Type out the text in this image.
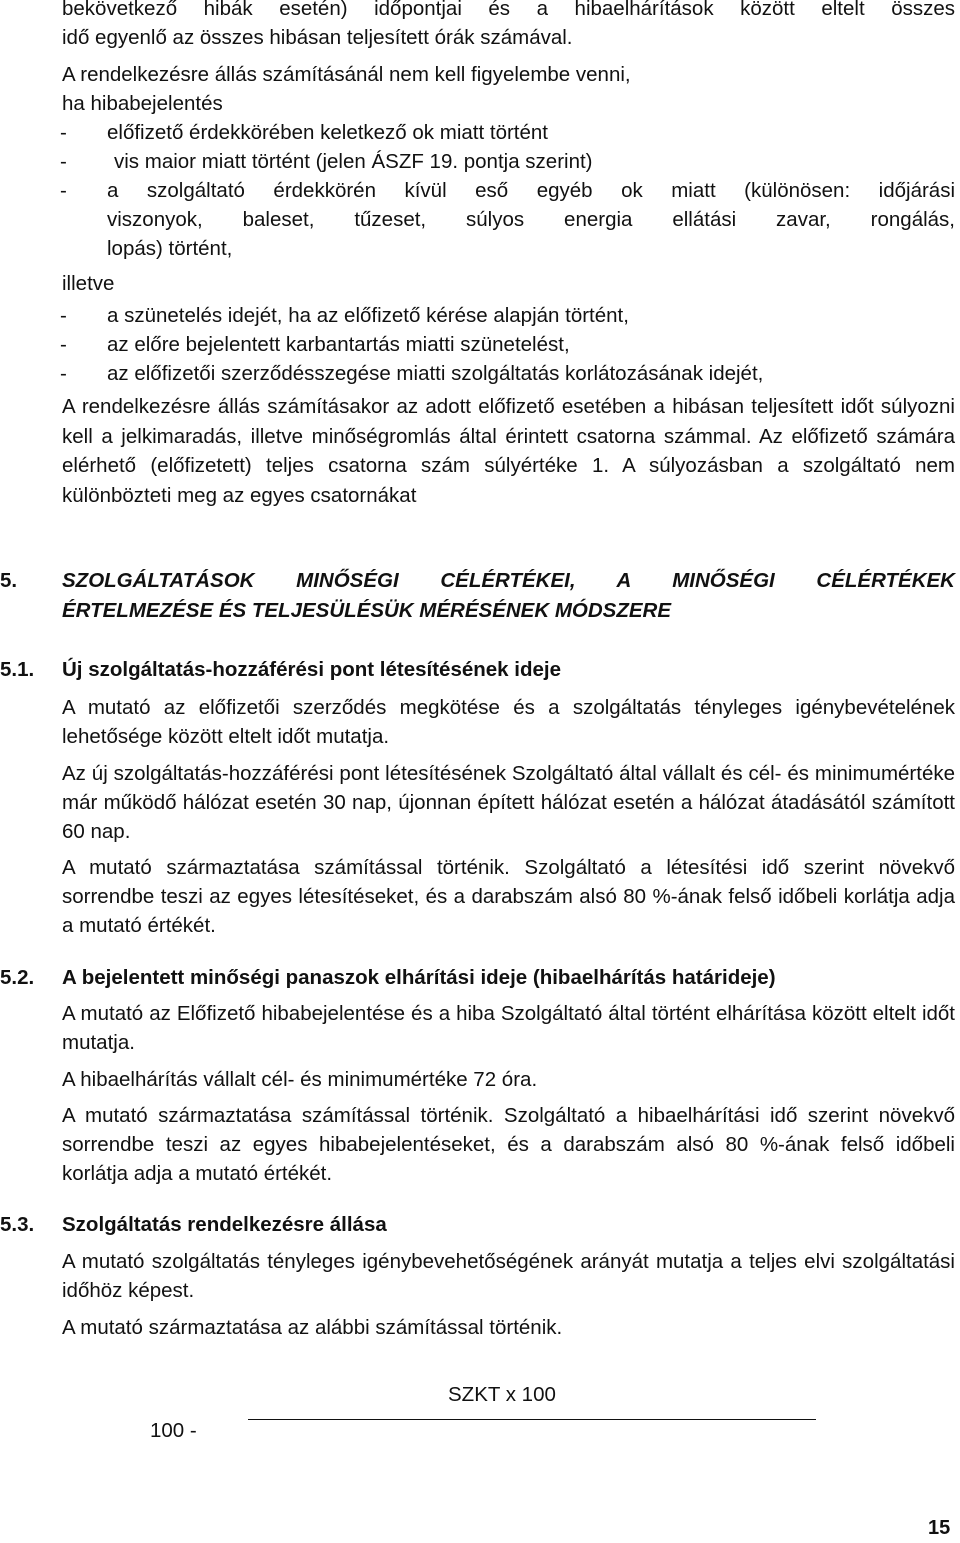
bekövetkező hibák esetén) időpontjai és a hibaelhárítások között eltelt összes
idő egyenlő az összes hibásan teljesített órák számával.
A rendelkezésre állás számításánál nem kell figyelembe venni,
ha hibabejelentés
- előfizető érdekkörében keletkező ok miatt történt
- vis maior miatt történt (jelen ÁSZF 19. pontja szerint)
- a szolgáltató érdekkörén kívül eső egyéb ok miatt (különösen: időjárási
viszonyok, baleset, tűzeset, súlyos energia ellátási zavar, rongálás,
lopás) történt,
illetve
- a szünetelés idejét, ha az előfizető kérése alapján történt,
- az előre bejelentett karbantartás miatti szünetelést,
- az előfizetői szerződésszegése miatti szolgáltatás korlátozásának idejét,
A rendelkezésre állás számításakor az adott előfizető esetében a hibásan teljesített időt súlyozni kell a jelkimaradás, illetve minőségromlás által érintett csatorna számmal. Az előfizető számára elérhető (előfizetett) teljes csatorna szám súlyértéke 1. A súlyozásban a szolgáltató nem különbözteti meg az egyes csatornákat
5. SZOLGÁLTATÁSOK MINŐSÉGI CÉLÉRTÉKEI, A MINŐSÉGI CÉLÉRTÉKEK
ÉRTELMEZÉSE ÉS TELJESÜLÉSÜK MÉRÉSÉNEK MÓDSZERE
5.1. Új szolgáltatás-hozzáférési pont létesítésének ideje
A mutató az előfizetői szerződés megkötése és a szolgáltatás tényleges igénybevételének lehetősége között eltelt időt mutatja.
Az új szolgáltatás-hozzáférési pont létesítésének Szolgáltató által vállalt és cél- és minimumértéke már működő hálózat esetén 30 nap, újonnan épített hálózat esetén a hálózat átadásától számított 60 nap.
A mutató származtatása számítással történik. Szolgáltató a létesítési idő szerint növekvő sorrendbe teszi az egyes létesítéseket, és a darabszám alsó 80 %-ának felső időbeli korlátja adja a mutató értékét.
5.2. A bejelentett minőségi panaszok elhárítási ideje (hibaelhárítás határideje)
A mutató az Előfizető hibabejelentése és a hiba Szolgáltató által történt elhárítása között eltelt időt mutatja.
A hibaelhárítás vállalt cél- és minimumértéke 72 óra.
A mutató származtatása számítással történik. Szolgáltató a hibaelhárítási idő szerint növekvő sorrendbe teszi az egyes hibabejelentéseket, és a darabszám alsó 80 %-ának felső időbeli korlátja adja a mutató értékét.
5.3. Szolgáltatás rendelkezésre állása
A mutató szolgáltatás tényleges igénybevehetőségének arányát mutatja a teljes elvi szolgáltatási időhöz képest.
A mutató származtatása az alábbi számítással történik.
SZKT x 100
100 -
15
